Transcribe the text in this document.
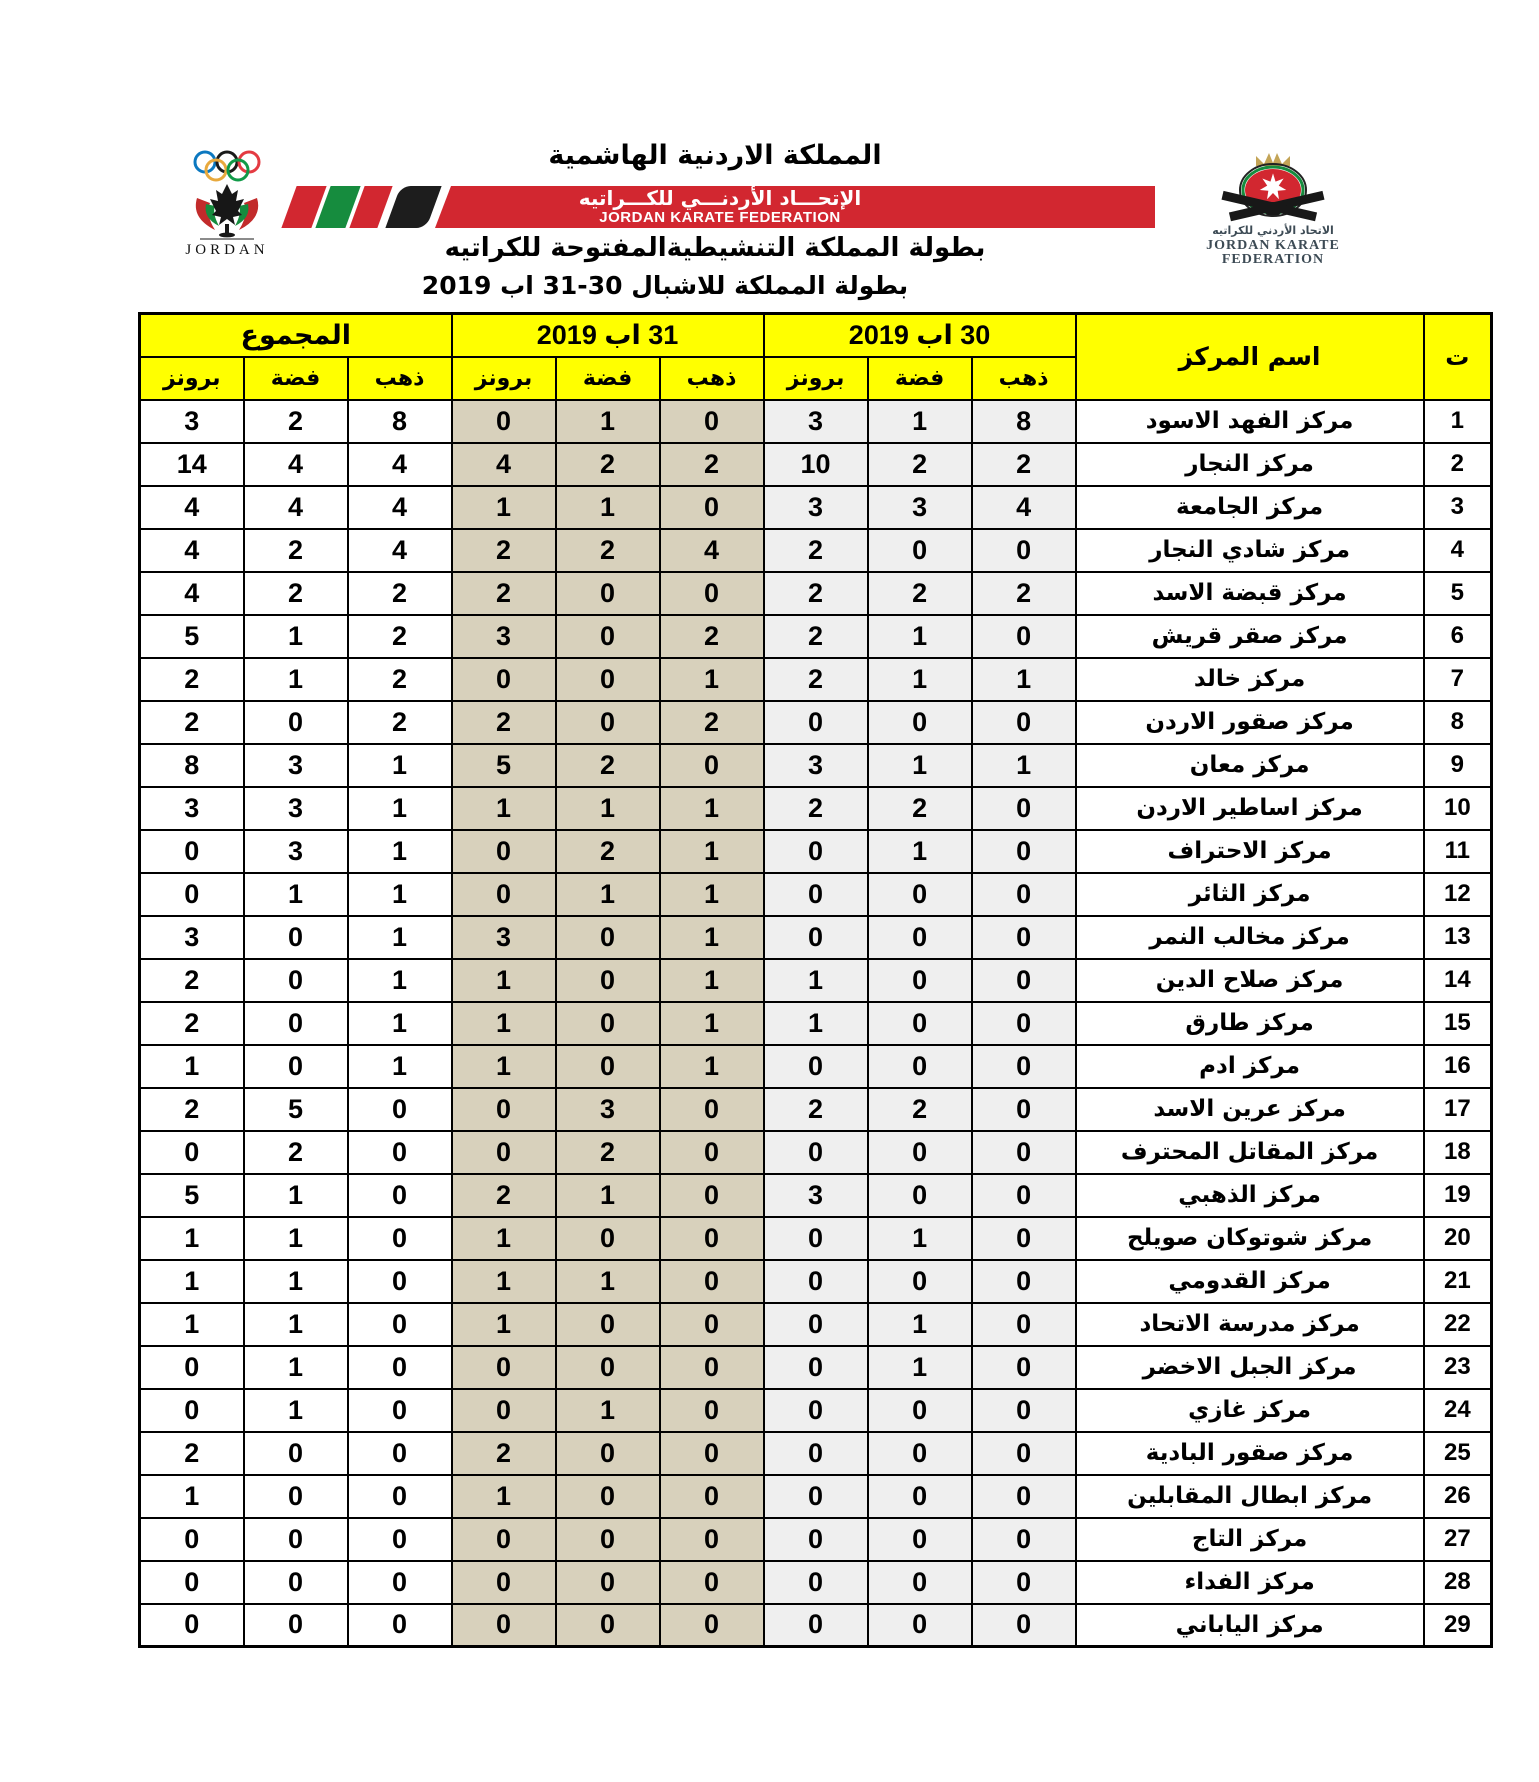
المملكة الاردنية الهاشمية
JORDAN
الإتحـــاد الأردنـــي للكـــراتيه
JORDAN KARATE FEDERATION
الاتحاد الأردني للكراتيه
JORDAN KARATE
FEDERATION
بطولة المملكة التنشيطيةالمفتوحة للكراتيه
بطولة المملكة للاشبال 30-31 اب 2019
ت	اسم المركز	30 اب 2019			31 اب 2019			المجموع		
		ذهب	فضة	برونز	ذهب	فضة	برونز	ذهب	فضة	برونز
1	مركز الفهد الاسود	8	1	3	0	1	0	8	2	3
2	مركز النجار	2	2	10	2	2	4	4	4	14
3	مركز الجامعة	4	3	3	0	1	1	4	4	4
4	مركز شادي النجار	0	0	2	4	2	2	4	2	4
5	مركز قبضة الاسد	2	2	2	0	0	2	2	2	4
6	مركز صقر قريش	0	1	2	2	0	3	2	1	5
7	مركز خالد	1	1	2	1	0	0	2	1	2
8	مركز صقور الاردن	0	0	0	2	0	2	2	0	2
9	مركز معان	1	1	3	0	2	5	1	3	8
10	مركز اساطير الاردن	0	2	2	1	1	1	1	3	3
11	مركز الاحتراف	0	1	0	1	2	0	1	3	0
12	مركز الثائر	0	0	0	1	1	0	1	1	0
13	مركز مخالب النمر	0	0	0	1	0	3	1	0	3
14	مركز صلاح الدين	0	0	1	1	0	1	1	0	2
15	مركز طارق	0	0	1	1	0	1	1	0	2
16	مركز ادم	0	0	0	1	0	1	1	0	1
17	مركز عرين الاسد	0	2	2	0	3	0	0	5	2
18	مركز المقاتل المحترف	0	0	0	0	2	0	0	2	0
19	مركز الذهبي	0	0	3	0	1	2	0	1	5
20	مركز شوتوكان صويلح	0	1	0	0	0	1	0	1	1
21	مركز القدومي	0	0	0	0	1	1	0	1	1
22	مركز مدرسة الاتحاد	0	1	0	0	0	1	0	1	1
23	مركز الجبل الاخضر	0	1	0	0	0	0	0	1	0
24	مركز غازي	0	0	0	0	1	0	0	1	0
25	مركز صقور البادية	0	0	0	0	0	2	0	0	2
26	مركز ابطال المقابلين	0	0	0	0	0	1	0	0	1
27	مركز التاج	0	0	0	0	0	0	0	0	0
28	مركز الفداء	0	0	0	0	0	0	0	0	0
29	مركز الياباني	0	0	0	0	0	0	0	0	0
